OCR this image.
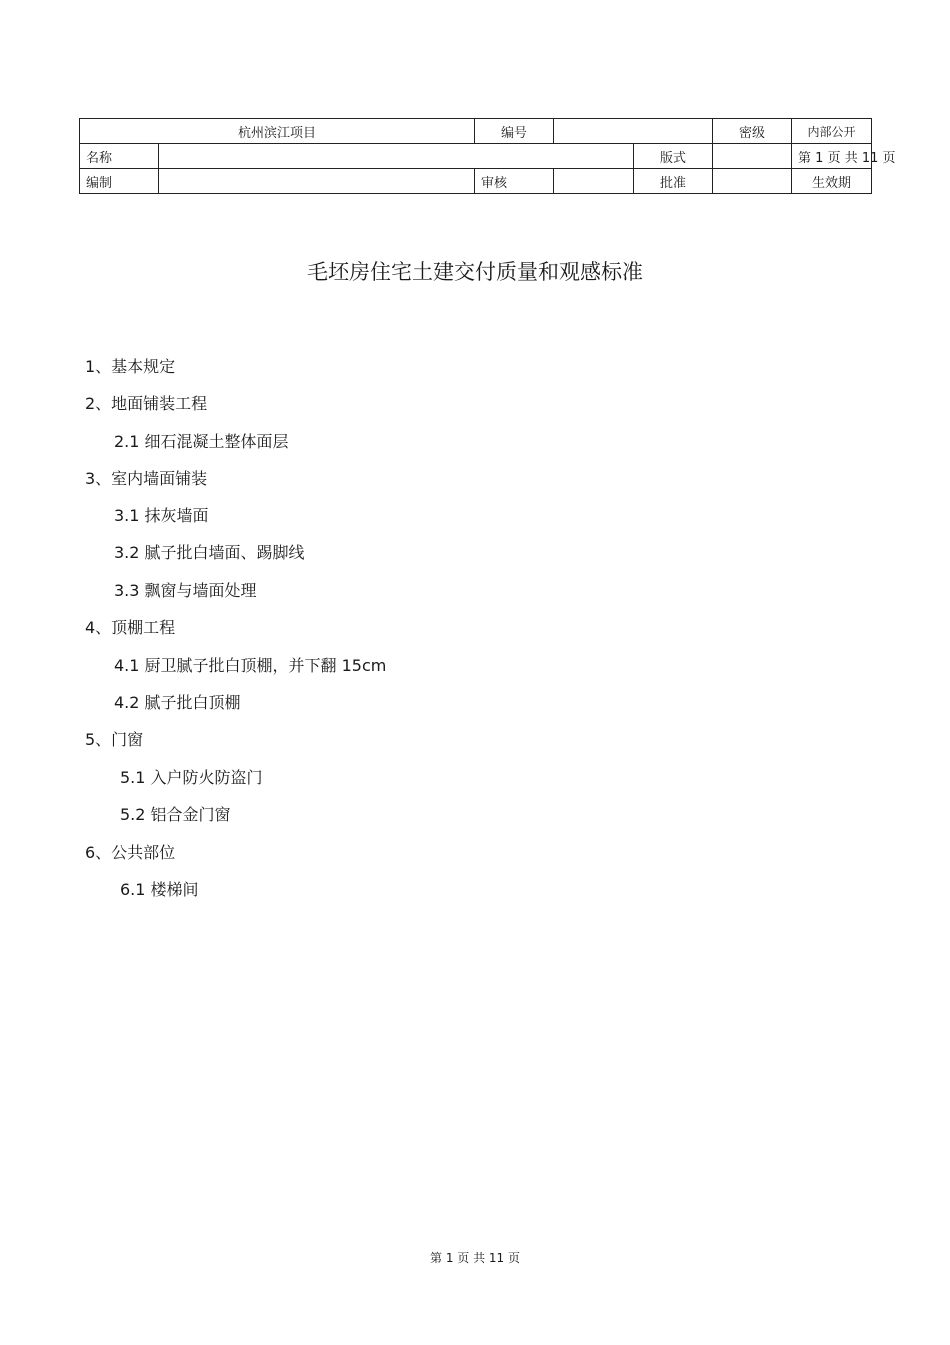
杭州滨江项目		编号			密级	内部公开	
名称				版式		第 1 页 共 11 页	
编制		审核		批准		生效期	
毛坯房住宅土建交付质量和观感标准
1、基本规定
2、地面铺装工程
2.1 细石混凝土整体面层
3、室内墙面铺装
3.1 抹灰墙面
3.2 腻子批白墙面、踢脚线
3.3 飘窗与墙面处理
4、顶棚工程
4.1 厨卫腻子批白顶棚，并下翻 15cm
4.2 腻子批白顶棚
5、门窗
5.1 入户防火防盗门
5.2 铝合金门窗
6、公共部位
6.1 楼梯间
第 1 页 共 11 页
